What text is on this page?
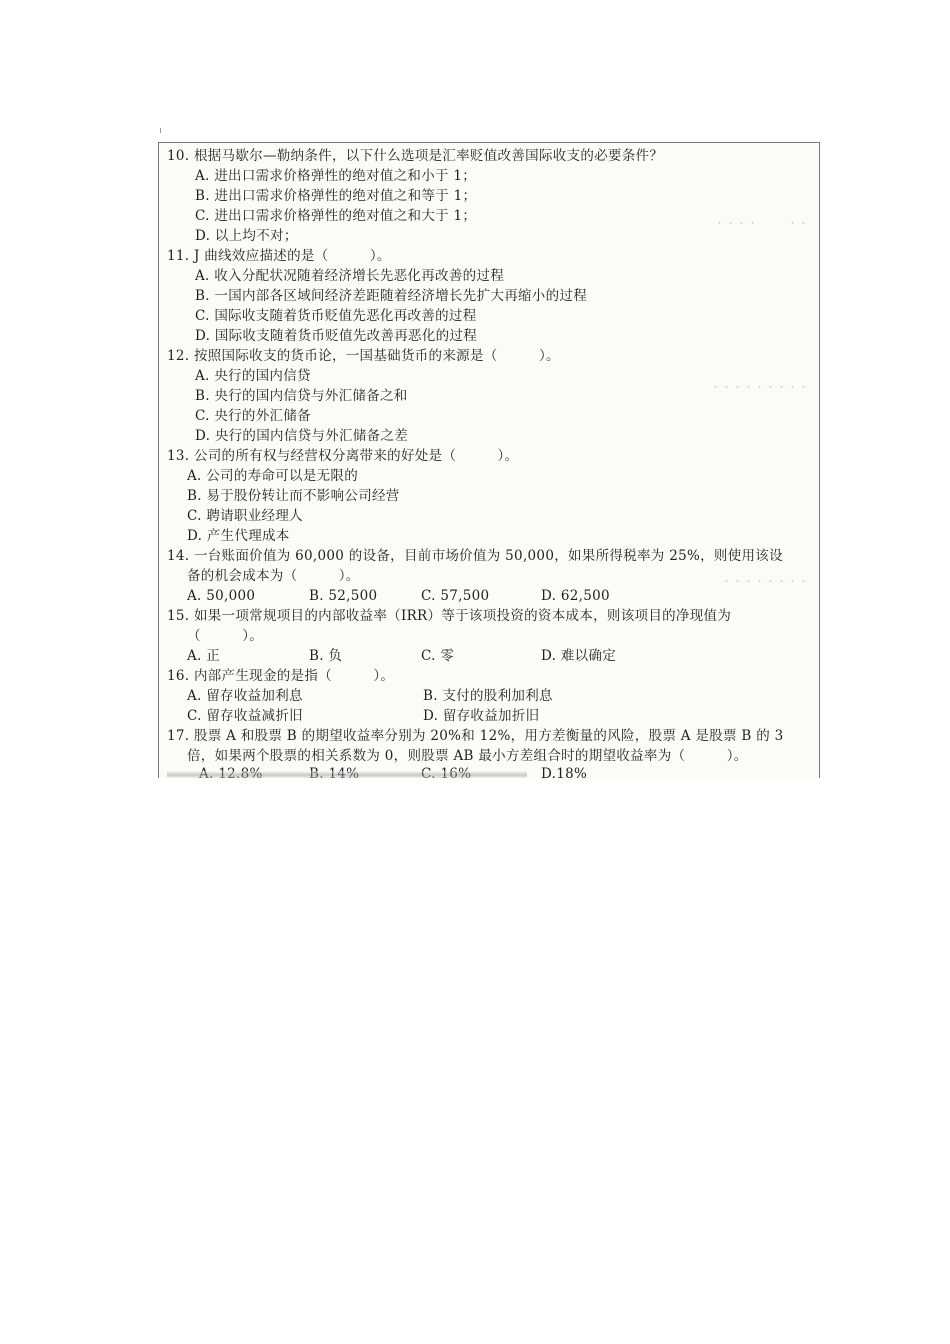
・・・・ 　　 ・・
・・・・・・・・・
・・・・・・・・
10. 根据马歇尔—勒纳条件，以下什么选项是汇率贬值改善国际收支的必要条件？
A. 进出口需求价格弹性的绝对值之和小于 1；
B. 进出口需求价格弹性的绝对值之和等于 1；
C. 进出口需求价格弹性的绝对值之和大于 1；
D. 以上均不对；
11. J 曲线效应描述的是（　　　）。
A. 收入分配状况随着经济增长先恶化再改善的过程
B. 一国内部各区域间经济差距随着经济增长先扩大再缩小的过程
C. 国际收支随着货币贬值先恶化再改善的过程
D. 国际收支随着货币贬值先改善再恶化的过程
12. 按照国际收支的货币论，一国基础货币的来源是（　　　）。
A. 央行的国内信贷
B. 央行的国内信贷与外汇储备之和
C. 央行的外汇储备
D. 央行的国内信贷与外汇储备之差
13. 公司的所有权与经营权分离带来的好处是（　　　）。
A. 公司的寿命可以是无限的
B. 易于股份转让而不影响公司经营
C. 聘请职业经理人
D. 产生代理成本
14. 一台账面价值为 60,000 的设备，目前市场价值为 50,000，如果所得税率为 25%，则使用该设
备的机会成本为（　　　）。
A. 50,000	B. 52,500	C. 57,500	D. 62,500
15. 如果一项常规项目的内部收益率（IRR）等于该项投资的资本成本，则该项目的净现值为
（　　　）。
A. 正	B. 负	C. 零	D. 难以确定
16. 内部产生现金的是指（　　　）。
A. 留存收益加利息	B. 支付的股利加利息
C. 留存收益减折旧	D. 留存收益加折旧
17. 股票 A 和股票 B 的期望收益率分别为 20%和 12%，用方差衡量的风险，股票 A 是股票 B 的 3
倍，如果两个股票的相关系数为 0，则股票 AB 最小方差组合时的期望收益率为（　　　）。
A. 12.8%	B. 14%	C. 16%	D.18%
